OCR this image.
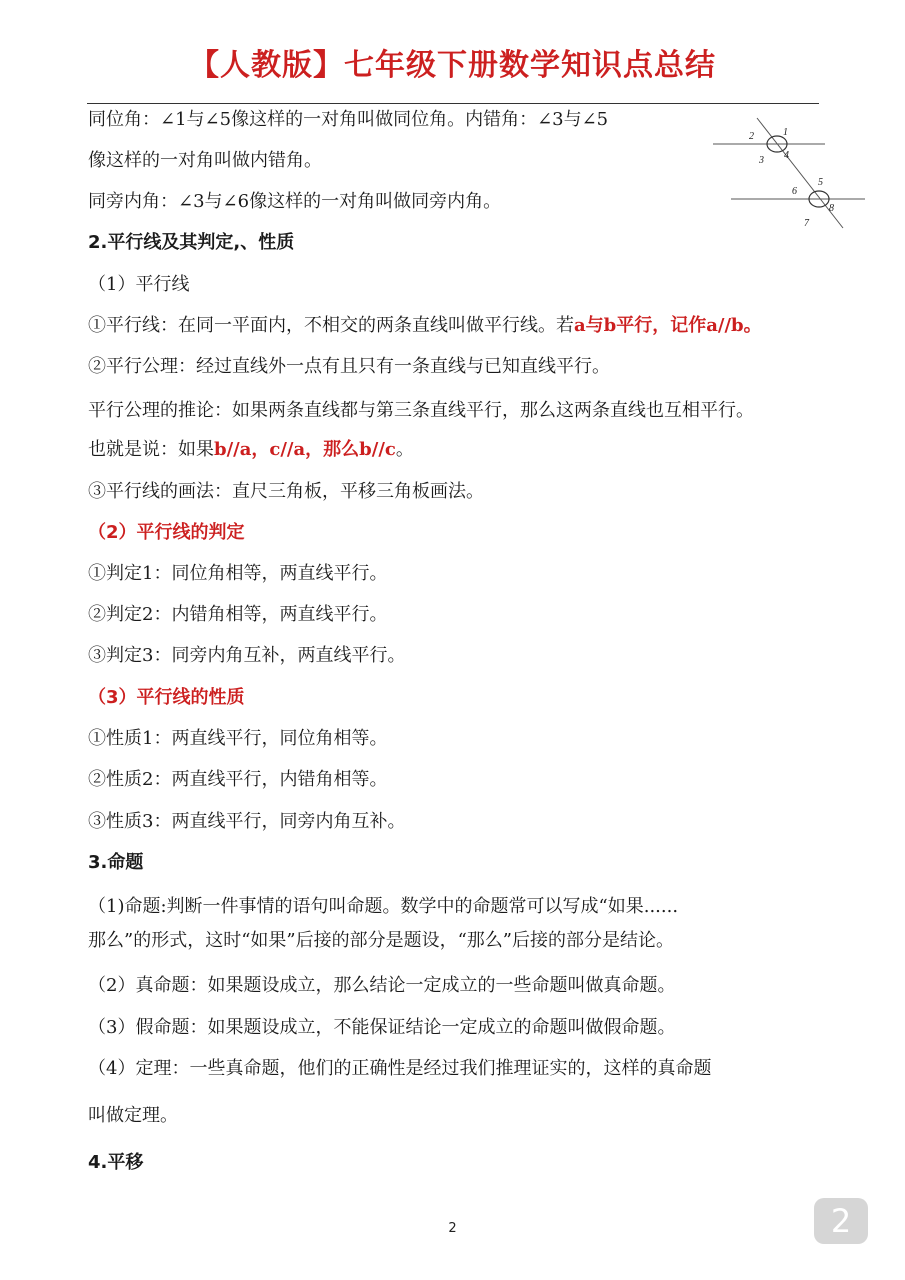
【人教版】七年级下册数学知识点总结
同位角：∠1与∠5像这样的一对角叫做同位角。内错角：∠3与∠5
像这样的一对角叫做内错角。
同旁内角：∠3与∠6像这样的一对角叫做同旁内角。
2.平行线及其判定,、性质
（1）平行线
①平行线：在同一平面内，不相交的两条直线叫做平行线。若a与b平行，记作a//b。
②平行公理：经过直线外一点有且只有一条直线与已知直线平行。
平行公理的推论：如果两条直线都与第三条直线平行，那么这两条直线也互相平行。
也就是说：如果b//a，c//a，那么b//c。
③平行线的画法：直尺三角板，平移三角板画法。
（2）平行线的判定
①判定1：同位角相等，两直线平行。
②判定2：内错角相等，两直线平行。
③判定3：同旁内角互补，两直线平行。
（3）平行线的性质
①性质1：两直线平行，同位角相等。
②性质2：两直线平行，内错角相等。
③性质3：两直线平行，同旁内角互补。
3.命题
（1)命题:判断一件事情的语句叫命题。数学中的命题常可以写成“如果......
那么”的形式，这时“如果”后接的部分是题设，“那么”后接的部分是结论。
（2）真命题：如果题设成立，那么结论一定成立的一些命题叫做真命题。
（3）假命题：如果题设成立，不能保证结论一定成立的命题叫做假命题。
（4）定理：一些真命题，他们的正确性是经过我们推理证实的，这样的真命题
叫做定理。
4.平移
1
2
3 4
5
6
7
8
2	2
